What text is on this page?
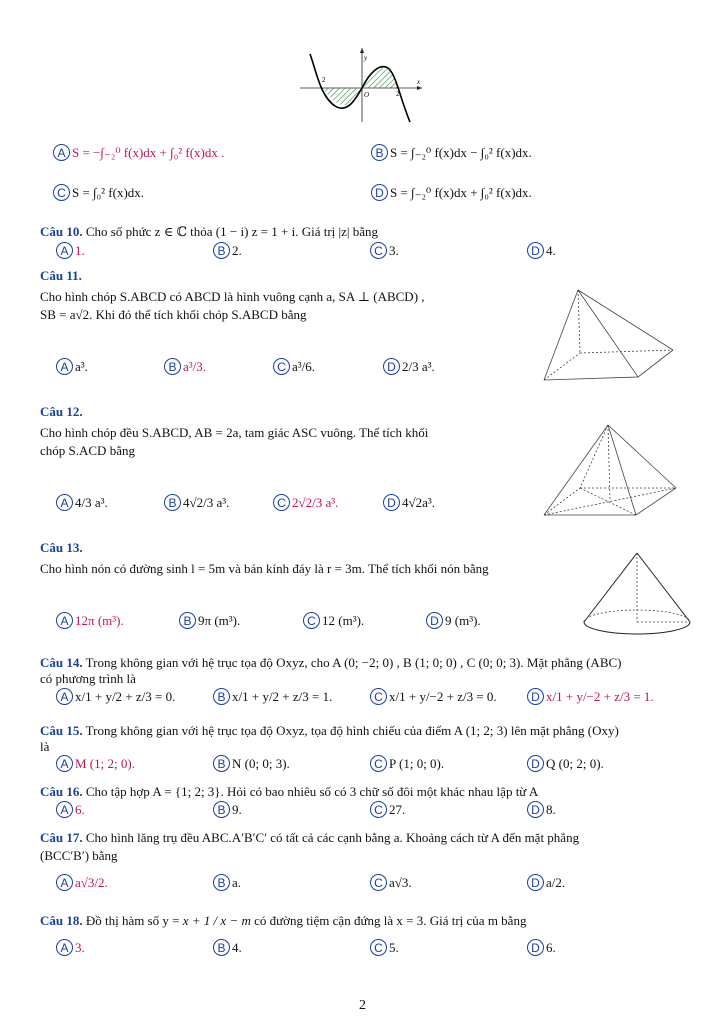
y
x
O
2
2
A S = −∫₋₂⁰ f(x)dx + ∫₀² f(x)dx .	B S = ∫₋₂⁰ f(x)dx − ∫₀² f(x)dx.
C S = ∫₀² f(x)dx.	D S = ∫₋₂⁰ f(x)dx + ∫₀² f(x)dx.
Câu 10. Cho số phức z ∈ ℂ thỏa (1 − i) z = 1 + i. Giá trị |z| bằng
A 1.	B 2.	C 3.	D 4.
Câu 11.
Cho hình chóp S.ABCD có ABCD là hình vuông cạnh a, SA ⊥ (ABCD) ,
SB = a√2. Khi đó thể tích khối chóp S.ABCD bằng
A a³.	B a³/3.	C a³/6.	D 2/3 a³.
Câu 12.
Cho hình chóp đều S.ABCD, AB = 2a, tam giác ASC vuông. Thể tích khối
chóp S.ACD bằng
A 4/3 a³.	B 4√2/3 a³.	C 2√2/3 a³.	D 4√2a³.
Câu 13.
Cho hình nón có đường sinh l = 5m và bán kính đáy là r = 3m. Thể tích khối nón bằng
A 12π (m³).	B 9π (m³).	C 12 (m³).	D 9 (m³).
Câu 14. Trong không gian với hệ trục tọa độ Oxyz, cho A (0; −2; 0) , B (1; 0; 0) , C (0; 0; 3). Mặt phẳng (ABC)
có phương trình là
A x/1 + y/2 + z/3 = 0.	B x/1 + y/2 + z/3 = 1.	C x/1 + y/−2 + z/3 = 0.	D x/1 + y/−2 + z/3 = 1.
Câu 15. Trong không gian với hệ trục tọa độ Oxyz, tọa độ hình chiếu của điểm A (1; 2; 3) lên mặt phẳng (Oxy)
là
A M (1; 2; 0).	B N (0; 0; 3).	C P (1; 0; 0).	D Q (0; 2; 0).
Câu 16. Cho tập hợp A = {1; 2; 3}. Hỏi có bao nhiêu số có 3 chữ số đôi một khác nhau lập từ A
A 6.	B 9.	C 27.	D 8.
Câu 17. Cho hình lăng trụ đều ABC.A′B′C′ có tất cả các cạnh bằng a. Khoảng cách từ A đến mặt phẳng
(BCC′B′) bằng
A a√3/2.	B a.	C a√3.	D a/2.
Câu 18. Đồ thị hàm số y = x + 1 / x − m có đường tiệm cận đứng là x = 3. Giá trị của m bằng
A 3.	B 4.	C 5.	D 6.
2
